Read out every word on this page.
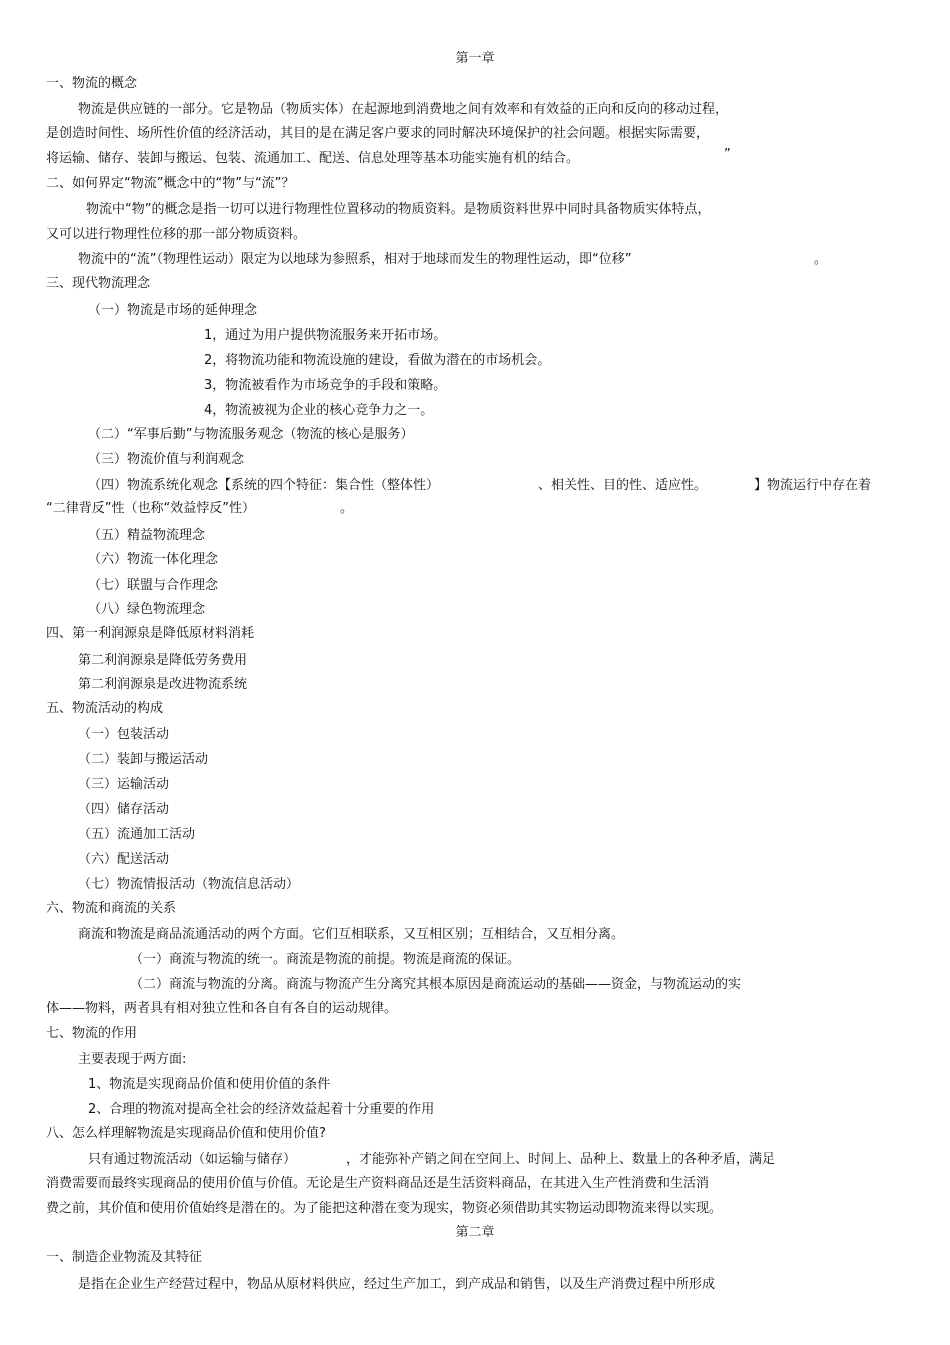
第一章
一、物流的概念
物流是供应链的一部分。它是物品（物质实体）在起源地到消费地之间有效率和有效益的正向和反向的移动过程，
是创造时间性、场所性价值的经济活动，其目的是在满足客户要求的同时解决环境保护的社会问题。根据实际需要，
将运输、储存、装卸与搬运、包装、流通加工、配送、信息处理等基本功能实施有机的结合。	”
二、如何界定“物流”概念中的“物”与“流”？
物流中“物”的概念是指一切可以进行物理性位置移动的物质资料。是物质资料世界中同时具备物质实体特点，
又可以进行物理性位移的那一部分物质资料。
物流中的“流”（物理性运动）限定为以地球为参照系，相对于地球而发生的物理性运动，即“位移”	。
三、现代物流理念
（一）物流是市场的延伸理念
1，通过为用户提供物流服务来开拓市场。
2，将物流功能和物流设施的建设，看做为潜在的市场机会。
3，物流被看作为市场竞争的手段和策略。
4，物流被视为企业的核心竞争力之一。
（二）“军事后勤”与物流服务观念（物流的核心是服务）
（三）物流价值与利润观念
（四）物流系统化观念【系统的四个特征：集合性（整体性）	、相关性、目的性、适应性。	】物流运行中存在着
“二律背反”性（也称“效益悖反”性）	。
（五）精益物流理念
（六）物流一体化理念
（七）联盟与合作理念
（八）绿色物流理念
四、第一利润源泉是降低原材料消耗
第二利润源泉是降低劳务费用
第二利润源泉是改进物流系统
五、物流活动的构成
（一）包装活动
（二）装卸与搬运活动
（三）运输活动
（四）储存活动
（五）流通加工活动
（六）配送活动
（七）物流情报活动（物流信息活动）
六、物流和商流的关系
商流和物流是商品流通活动的两个方面。它们互相联系，又互相区别；互相结合，又互相分离。
（一）商流与物流的统一。商流是物流的前提。物流是商流的保证。
（二）商流与物流的分离。商流与物流产生分离究其根本原因是商流运动的基础——资金，与物流运动的实
体——物料，两者具有相对独立性和各自有各自的运动规律。
七、物流的作用
主要表现于两方面:
1、物流是实现商品价值和使用价值的条件
2、合理的物流对提高全社会的经济效益起着十分重要的作用
八、怎么样理解物流是实现商品价值和使用价值?
只有通过物流活动（如运输与储存）	，才能弥补产销之间在空间上、时间上、品种上、数量上的各种矛盾，满足
消费需要而最终实现商品的使用价值与价值。无论是生产资料商品还是生活资料商品，在其进入生产性消费和生活消
费之前，其价值和使用价值始终是潜在的。为了能把这种潜在变为现实，物资必须借助其实物运动即物流来得以实现。
第二章
一、制造企业物流及其特征
是指在企业生产经营过程中，物品从原材料供应，经过生产加工，到产成品和销售，以及生产消费过程中所形成
